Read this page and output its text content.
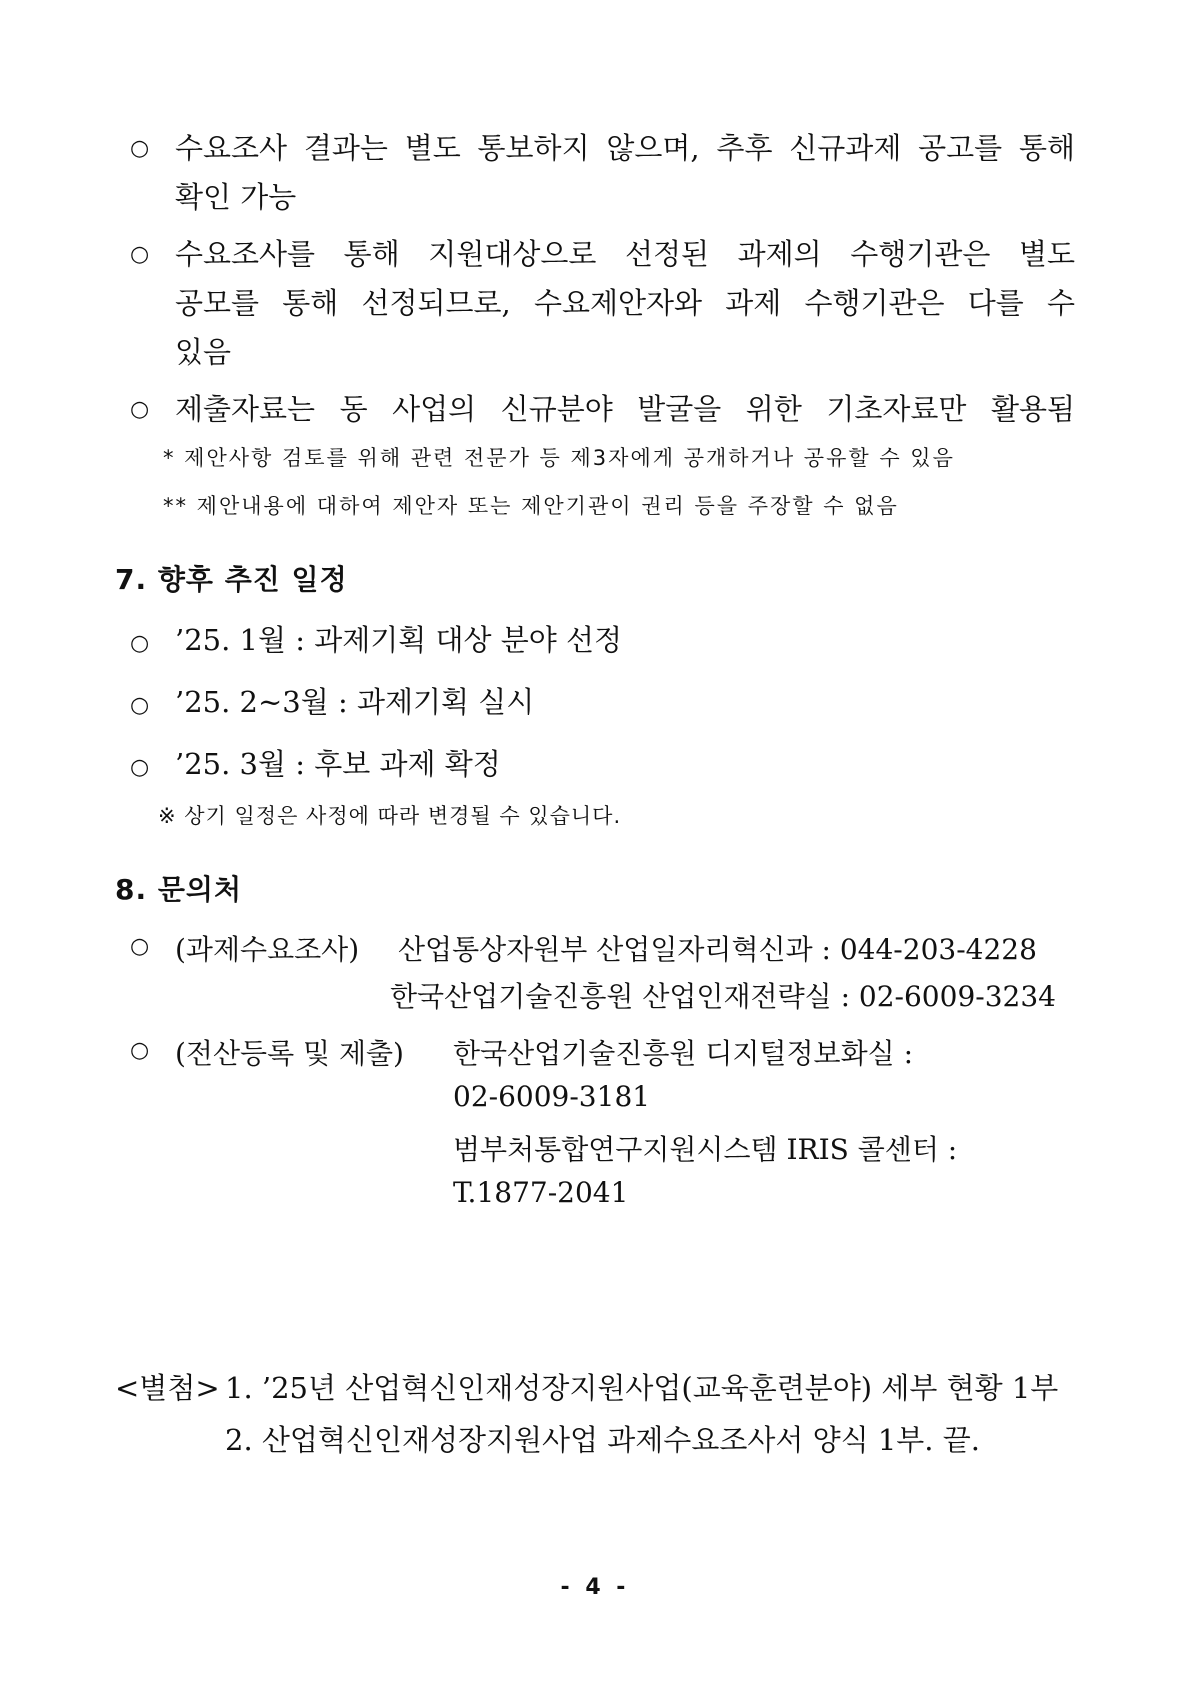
○ 수요조사 결과는 별도 통보하지 않으며, 추후 신규과제 공고를 통해
확인 가능
○ 수요조사를 통해 지원대상으로 선정된 과제의 수행기관은 별도
공모를 통해 선정되므로, 수요제안자와 과제 수행기관은 다를 수
있음
○ 제출자료는 동 사업의 신규분야 발굴을 위한 기초자료만 활용됨
* 제안사항 검토를 위해 관련 전문가 등 제3자에게 공개하거나 공유할 수 있음
** 제안내용에 대하여 제안자 또는 제안기관이 권리 등을 주장할 수 없음
7. 향후 추진 일정
○ ’25. 1월 : 과제기획 대상 분야 선정
○ ’25. 2~3월 : 과제기획 실시
○ ’25. 3월 : 후보 과제 확정
※ 상기 일정은 사정에 따라 변경될 수 있습니다.
8. 문의처
○ (과제수요조사) 산업통상자원부 산업일자리혁신과 : 044-203-4228
한국산업기술진흥원 산업인재전략실 : 02-6009-3234
○ (전산등록 및 제출) 한국산업기술진흥원 디지털정보화실 :
02-6009-3181
범부처통합연구지원시스템 IRIS 콜센터 :
T.1877-2041
<별첨> 1. ’25년 산업혁신인재성장지원사업(교육훈련분야) 세부 현황 1부
2. 산업혁신인재성장지원사업 과제수요조사서 양식 1부. 끝.
- 4 -
